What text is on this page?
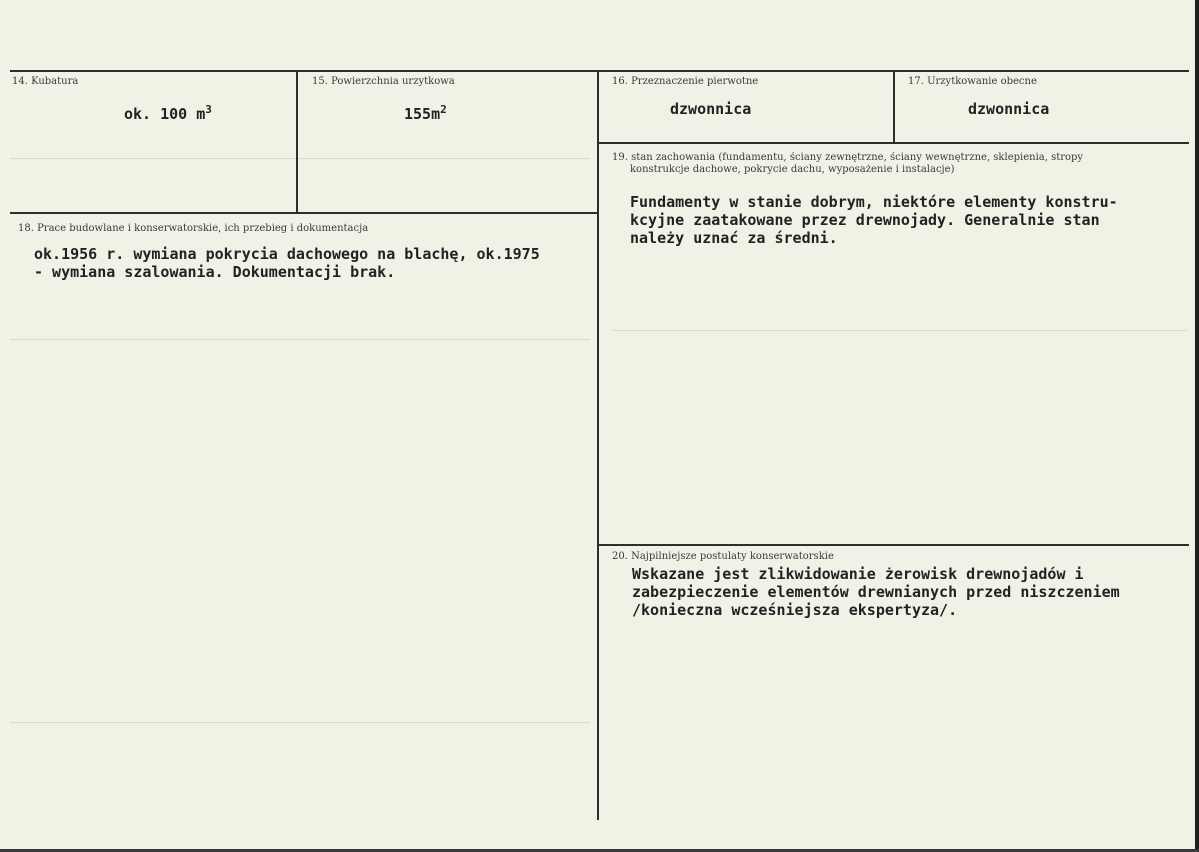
14. Kubatura
ok. 100 $m^3$
15. Powierzchnia urzytkowa
$155m^2$
16. Przeznaczenie pierwotne
dzwonnica
17. Urzytkowanie obecne
dzwonnica
18. Prace budowlane i konserwatorskie, ich przebieg i dokumentacja
ok.1956 r. wymiana pokrycia dachowego na blachę, ok.1975
- wymiana szalowania. Dokumentacji brak.
19. stan zachowania (fundamentu, ściany zewnętrzne, ściany wewnętrzne, sklepienia, stropy
konstrukcje dachowe, pokrycie dachu, wyposażenie i instalacje)
Fundamenty w stanie dobrym, niektóre elementy konstru-
kcyjne zaatakowane przez drewnojady. Generalnie stan
należy uznać za średni.
20. Najpilniejsze postulaty konserwatorskie
Wskazane jest zlikwidowanie żerowisk drewnojadów i
zabezpieczenie elementów drewnianych przed niszczeniem
/konieczna wcześniejsza ekspertyza/.
